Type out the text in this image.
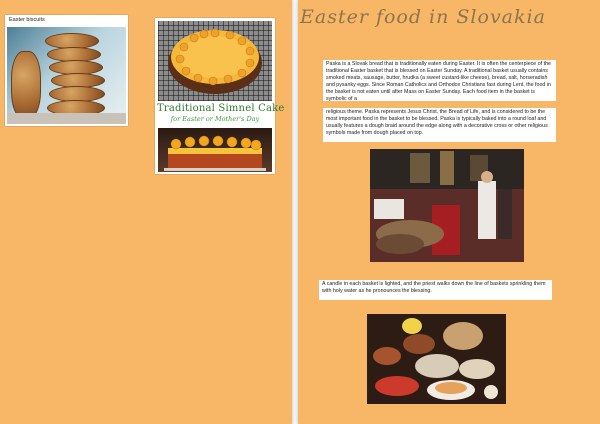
Easter biscuits
Traditional Simnel Cake
for Easter or Mother's Day
Easter food in Slovakia
Paska is a Slovak bread that is traditionally eaten during Easter. It is often the centerpiece of the traditional Easter basket that is blessed on Easter Sunday. A traditional basket usually contains smoked meats, sausage, butter, hrudka (a sweet custard-like cheese), bread, salt, horseradish and pysanky eggs. Since Roman Catholics and Orthodox Christians fast during Lent, the food in the basket is not eaten until after Mass on Easter Sunday. Each food item in the basket is symbolic of a
religious theme. Paska represents Jesus Christ, the Bread of Life, and is considered to be the most important food in the basket to be blessed. Paska is typically baked into a round loaf and usually features a dough braid around the edge along with a decorative cross or other religious symbols made from dough placed on top.
A candle in each basket is lighted, and the priest walks down the line of baskets sprinkling them with holy water as he pronounces the blessing.
